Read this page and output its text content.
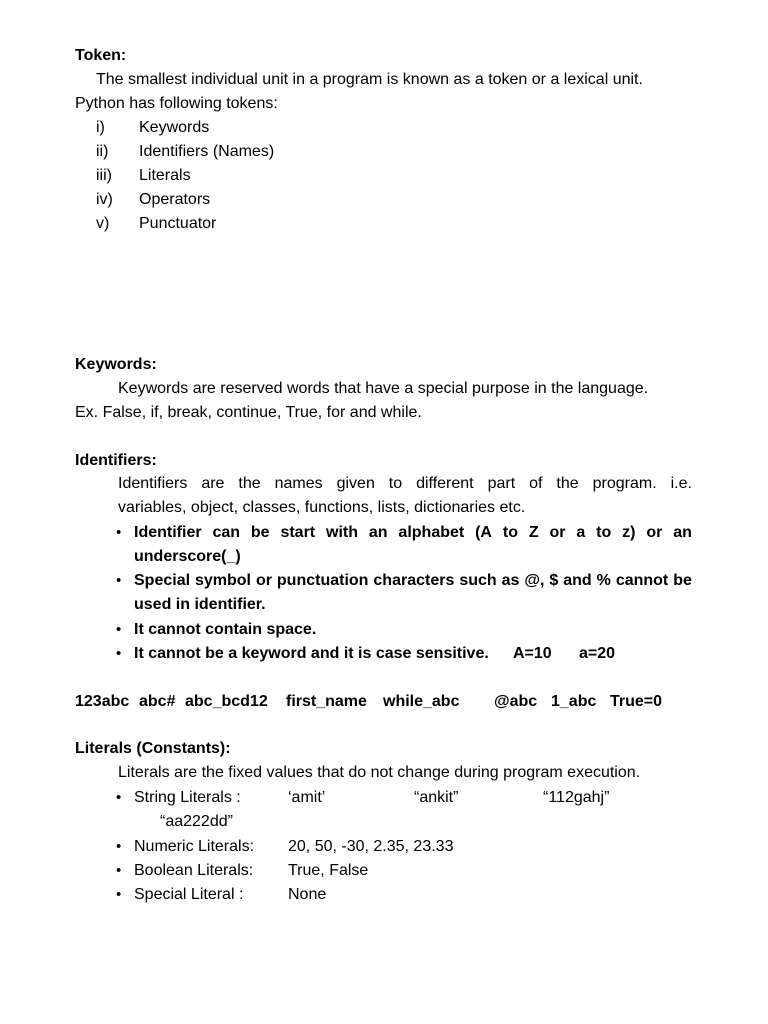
Token:
The smallest individual unit in a program is known as a token or a lexical unit.
Python has following tokens:
i) Keywords
ii) Identifiers (Names)
iii) Literals
iv) Operators
v) Punctuator
Keywords:
Keywords are reserved words that have a special purpose in the language.
Ex. False, if, break, continue, True, for and while.
Identifiers:
Identifiers are the names given to different part of the program. i.e.
variables, object, classes, functions, lists, dictionaries etc.
• Identifier can be start with an alphabet (A to Z or a to z) or an
underscore(_)
• Special symbol or punctuation characters such as @, $ and % cannot be
used in identifier.
• It cannot contain space.
• It cannot be a keyword and it is case sensitive. A=10 a=20
123abc abc# abc_bcd12 first_name while_abc @abc 1_abc True=0
Literals (Constants):
Literals are the fixed values that do not change during program execution.
• String Literals :	‘amit’	“ankit”	“112gahj”
“aa222dd”
• Numeric Literals: 20, 50, -30, 2.35, 23.33
• Boolean Literals: True, False
• Special Literal :	None
